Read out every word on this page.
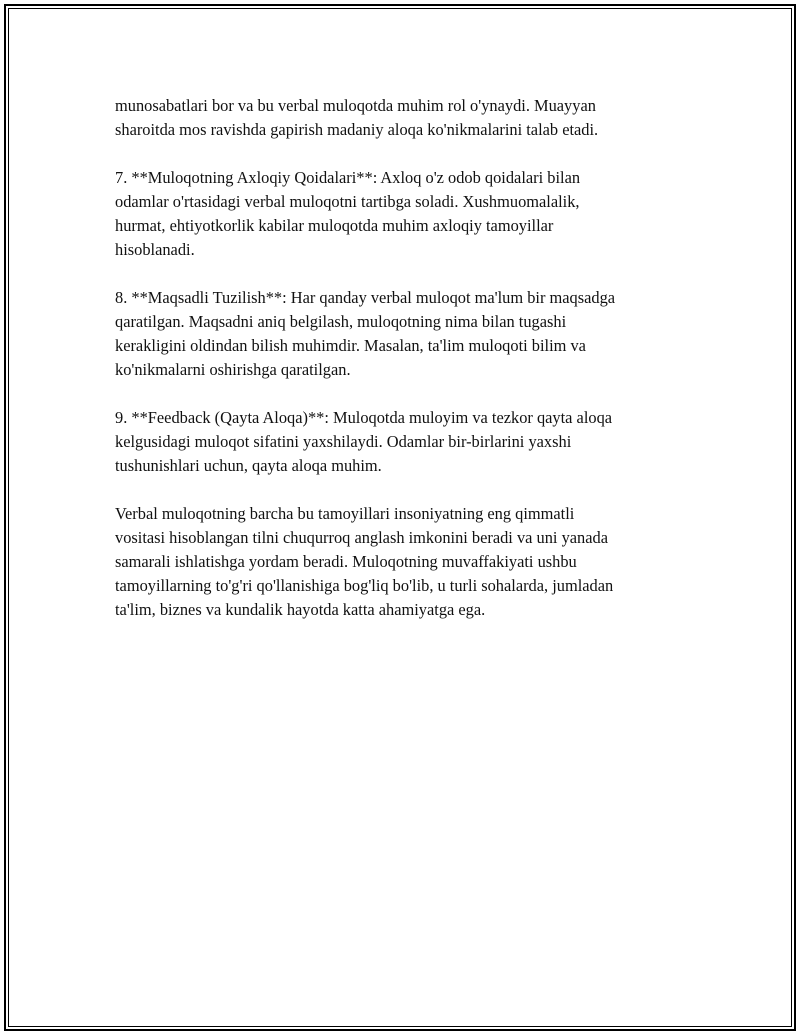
munosabatlari bor va bu verbal muloqotda muhim rol o'ynaydi. Muayyan
sharoitda mos ravishda gapirish madaniy aloqa ko'nikmalarini talab etadi.

7. **Muloqotning Axloqiy Qoidalari**: Axloq o'z odob qoidalari bilan
odamlar o'rtasidagi verbal muloqotni tartibga soladi. Xushmuomalalik,
hurmat, ehtiyotkorlik kabilar muloqotda muhim axloqiy tamoyillar
hisoblanadi.

8. **Maqsadli Tuzilish**: Har qanday verbal muloqot ma'lum bir maqsadga
qaratilgan. Maqsadni aniq belgilash, muloqotning nima bilan tugashi
kerakligini oldindan bilish muhimdir. Masalan, ta'lim muloqoti bilim va
ko'nikmalarni oshirishga qaratilgan.

9. **Feedback (Qayta Aloqa)**: Muloqotda muloyim va tezkor qayta aloqa
kelgusidagi muloqot sifatini yaxshilaydi. Odamlar bir-birlarini yaxshi
tushunishlari uchun, qayta aloqa muhim.

Verbal muloqotning barcha bu tamoyillari insoniyatning eng qimmatli
vositasi hisoblangan tilni chuqurroq anglash imkonini beradi va uni yanada
samarali ishlatishga yordam beradi. Muloqotning muvaffakiyati ushbu
tamoyillarning to'g'ri qo'llanishiga bog'liq bo'lib, u turli sohalarda, jumladan
ta'lim, biznes va kundalik hayotda katta ahamiyatga ega.
